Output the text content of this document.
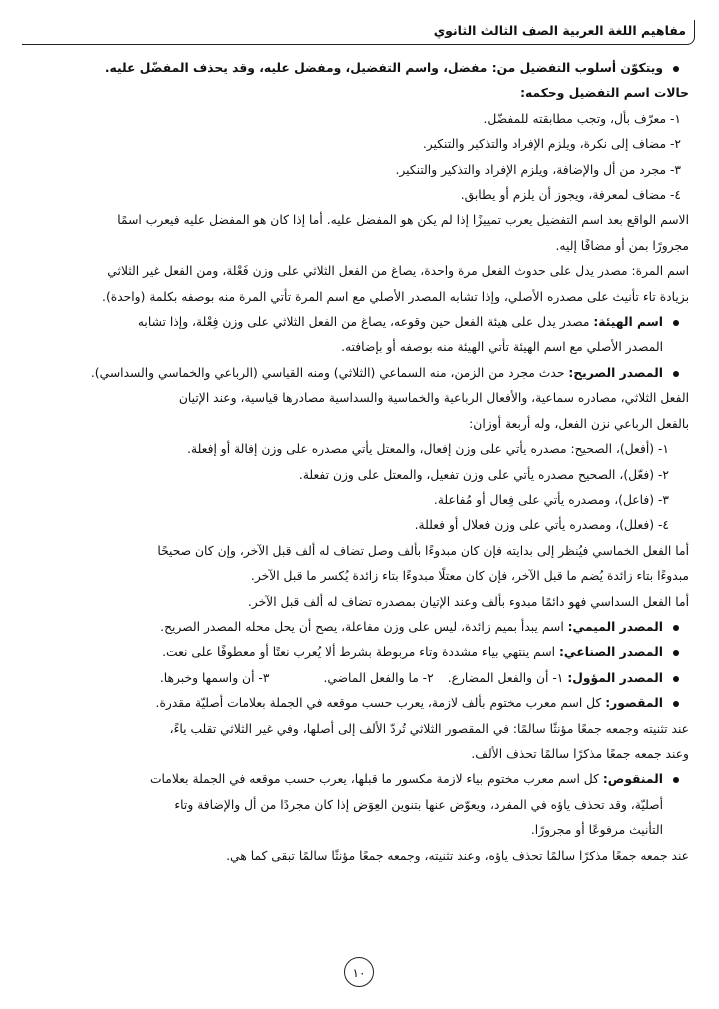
مفاهيم اللغة العربية الصف الثالث الثانوي

ويتكوّن أسلوب التفضيل من: مفضل، واسم التفضيل، ومفضل عليه، وقد يحذف المفضّل عليه.

حالات اسم التفضيل وحكمه:

١- معرّف بأل، وتجب مطابقته للمفضّل.

٢- مضاف إلى نكرة، ويلزم الإفراد والتذكير والتنكير.

٣- مجرد من أل والإضافة، ويلزم الإفراد والتذكير والتنكير.

٤- مضاف لمعرفة، ويجوز أن يلزم أو يطابق.

الاسم الواقع بعد اسم التفضيل يعرب تمييزًا إذا لم يكن هو المفضل عليه. أما إذا كان هو المفضل عليه فيعرب اسمًا

مجرورًا بمن أو مضافًا إليه.

اسم المرة: مصدر يدل على حدوث الفعل مرة واحدة، يصاغ من الفعل الثلاثي على وزن فَعْلة، ومن الفعل غير الثلاثي

بزيادة تاء تأنيث على مصدره الأصلي، وإذا تشابه المصدر الأصلي مع اسم المرة تأتي المرة منه بوصفه بكلمة (واحدة).

اسم الهيئة: مصدر يدل على هيئة الفعل حين وقوعه، يصاغ من الفعل الثلاثي على وزن فِعْلة، وإذا تشابه

المصدر الأصلي مع اسم الهيئة تأتي الهيئة منه بوصفه أو بإضافته.

المصدر الصريح: حدث مجرد من الزمن، منه السماعي (الثلاثي) ومنه القياسي (الرباعي والخماسي والسداسي).

الفعل الثلاثي، مصادره سماعية، والأفعال الرباعية والخماسية والسداسية مصادرها قياسية، وعند الإتيان

بالفعل الرباعي نزن الفعل، وله أربعة أوزان:

١- (أفعل)، الصحيح: مصدره يأتي على وزن إفعال، والمعتل يأتي مصدره على وزن إفالة أو إفعلة.

٢- (فعّل)، الصحيح مصدره يأتي على وزن تفعيل، والمعتل على وزن تفعلة.

٣- (فاعل)، ومصدره يأتي على فِعال أو مُفاعلة.

٤- (فعلل)، ومصدره يأتي على وزن فعلال أو فعللة.

أما الفعل الخماسي فيُنظر إلى بدايته فإن كان مبدوءًا بألف وصل تضاف له ألف قبل الآخر، وإن كان صحيحًا

مبدوءًا بتاء زائدة يُضم ما قبل الآخر، فإن كان معتلًا مبدوءًا بتاء زائدة يُكسر ما قبل الآخر.

أما الفعل السداسي فهو دائمًا مبدوء بألف وعند الإتيان بمصدره تضاف له ألف قبل الآخر.

المصدر الميمي: اسم يبدأ بميم زائدة، ليس على وزن مفاعلة، يصح أن يحل محله المصدر الصريح.

المصدر الصناعي: اسم ينتهي بياء مشددة وتاء مربوطة بشرط ألا يُعرب نعتًا أو معطوفًا على نعت.

المصدر المؤول: ١- أن والفعل المضارع.٢- ما والفعل الماضي.٣- أن واسمها وخبرها.

المقصور: كل اسم معرب مختوم بألف لازمة، يعرب حسب موقعه في الجملة بعلامات أصليّة مقدرة.

عند تثنيته وجمعه جمعًا مؤنثًا سالمًا: في المقصور الثلاثي تُردّ الألف إلى أصلها، وفي غير الثلاثي تقلب ياءً،

وعند جمعه جمعًا مذكرًا سالمًا تحذف الألف.

المنقوص: كل اسم معرب مختوم بياء لازمة مكسور ما قبلها، يعرب حسب موقعه في الجملة بعلامات

أصليّة، وقد تحذف ياؤه في المفرد، ويعوّض عنها بتنوين العِوَض إذا كان مجردًا من أل والإضافة وتاء

التأنيث مرفوعًا أو مجرورًا.

عند جمعه جمعًا مذكرًا سالمًا تحذف ياؤه، وعند تثنيته، وجمعه جمعًا مؤنثًا سالمًا تبقى كما هي.

١٠
